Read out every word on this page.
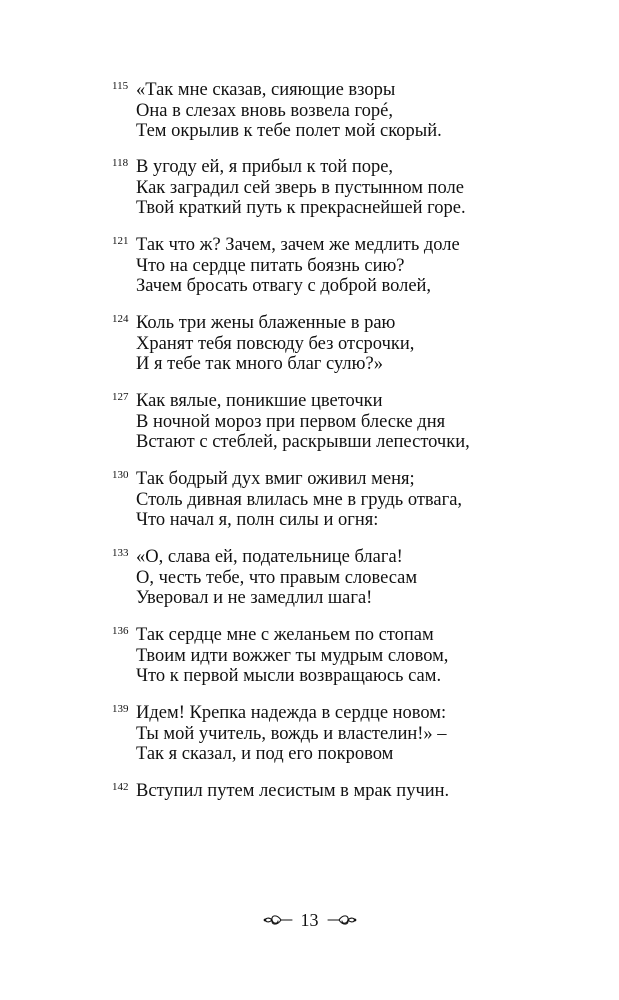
115 «Так мне сказав, сияющие взоры
Она в слезах вновь возвела горé,
Тем окрылив к тебе полет мой скорый.
118 В угоду ей, я прибыл к той поре,
Как заградил сей зверь в пустынном поле
Твой краткий путь к прекраснейшей горе.
121 Так что ж? Зачем, зачем же медлить доле
Что на сердце питать боязнь сию?
Зачем бросать отвагу с доброй волей,
124 Коль три жены блаженные в раю
Хранят тебя повсюду без отсрочки,
И я тебе так много благ сулю?»
127 Как вялые, поникшие цветочки
В ночной мороз при первом блеске дня
Встают с стеблей, раскрывши лепесточки,
130 Так бодрый дух вмиг оживил меня;
Столь дивная влилась мне в грудь отвага,
Что начал я, полн силы и огня:
133 «О, слава ей, подательнице блага!
О, честь тебе, что правым словесам
Уверовал и не замедлил шага!
136 Так сердце мне с желаньем по стопам
Твоим идти вожжег ты мудрым словом,
Что к первой мысли возвращаюсь сам.
139 Идем! Крепка надежда в сердце новом:
Ты мой учитель, вождь и властелин!» –
Так я сказал, и под его покровом
142 Вступил путем лесистым в мрак пучин.
13
